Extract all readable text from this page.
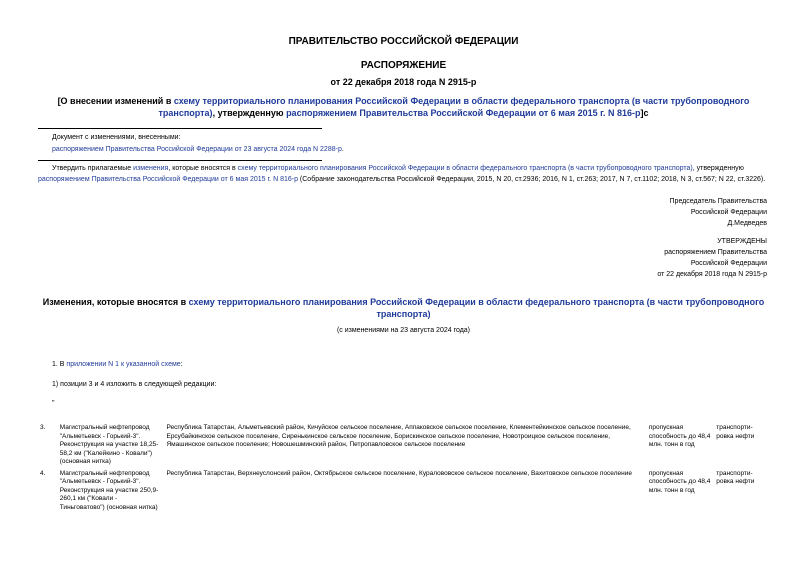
ПРАВИТЕЛЬСТВО РОССИЙСКОЙ ФЕДЕРАЦИИ
РАСПОРЯЖЕНИЕ
от 22 декабря 2018 года N 2915-р
[О внесении изменений в схему территориального планирования Российской Федерации в области федерального транспорта (в части трубопроводного транспорта), утвержденную распоряжением Правительства Российской Федерации от 6 мая 2015 г. N 816-р]c
Документ с изменениями, внесенными:
распоряжением Правительства Российской Федерации от 23 августа 2024 года N 2288-р.
Утвердить прилагаемые изменения, которые вносятся в схему территориального планирования Российской Федерации в области федерального транспорта (в части трубопроводного транспорта), утвержденную распоряжением Правительства Российской Федерации от 6 мая 2015 г. N 816-р (Собрание законодательства Российской Федерации, 2015, N 20, ст.2936; 2016, N 1, ст.263; 2017, N 7, ст.1102; 2018, N 3, ст.567; N 22, ст.3226).
Председатель Правительства
Российской Федерации
Д.Медведев
УТВЕРЖДЕНЫ
распоряжением Правительства
Российской Федерации
от 22 декабря 2018 года N 2915-р
Изменения, которые вносятся в схему территориального планирования Российской Федерации в области федерального транспорта (в части трубопроводного транспорта)
(с изменениями на 23 августа 2024 года)
1. В приложении N 1 к указанной схеме:
1) позиции 3 и 4 изложить в следующей редакции:
"
3.	Магистральный нефтепровод "Альметьевск - Горький-3". Реконструкция на участке 18,25-58,2 км ("Калейкино - Ковали") (основная нитка)	Республика Татарстан, Альметьевский район, Кичуйское сельское поселение, Аппаковское сельское поселение, Клементейкинское сельское поселение, Ерсубайкинское сельское поселение, Сиренькинское сельское поселение, Борискинское сельское поселение, Новотроицкое сельское поселение, Ямашинское сельское поселение; Новошешминский район, Петропавловское сельское поселение	пропускная способность до 48,4 млн. тонн в год	транспорти-ровка нефти
4.	Магистральный нефтепровод "Альметьевск - Горький-3". Реконструкция на участке 250,9-260,1 км ("Ковали - Тиньговатово") (основная нитка)	Республика Татарстан, Верхнеуслонский район, Октябрьское сельское поселение, Куралововское сельское поселение, Вахитовское сельское поселение	пропускная способность до 48,4 млн. тонн в год	транспорти-ровка нефти
